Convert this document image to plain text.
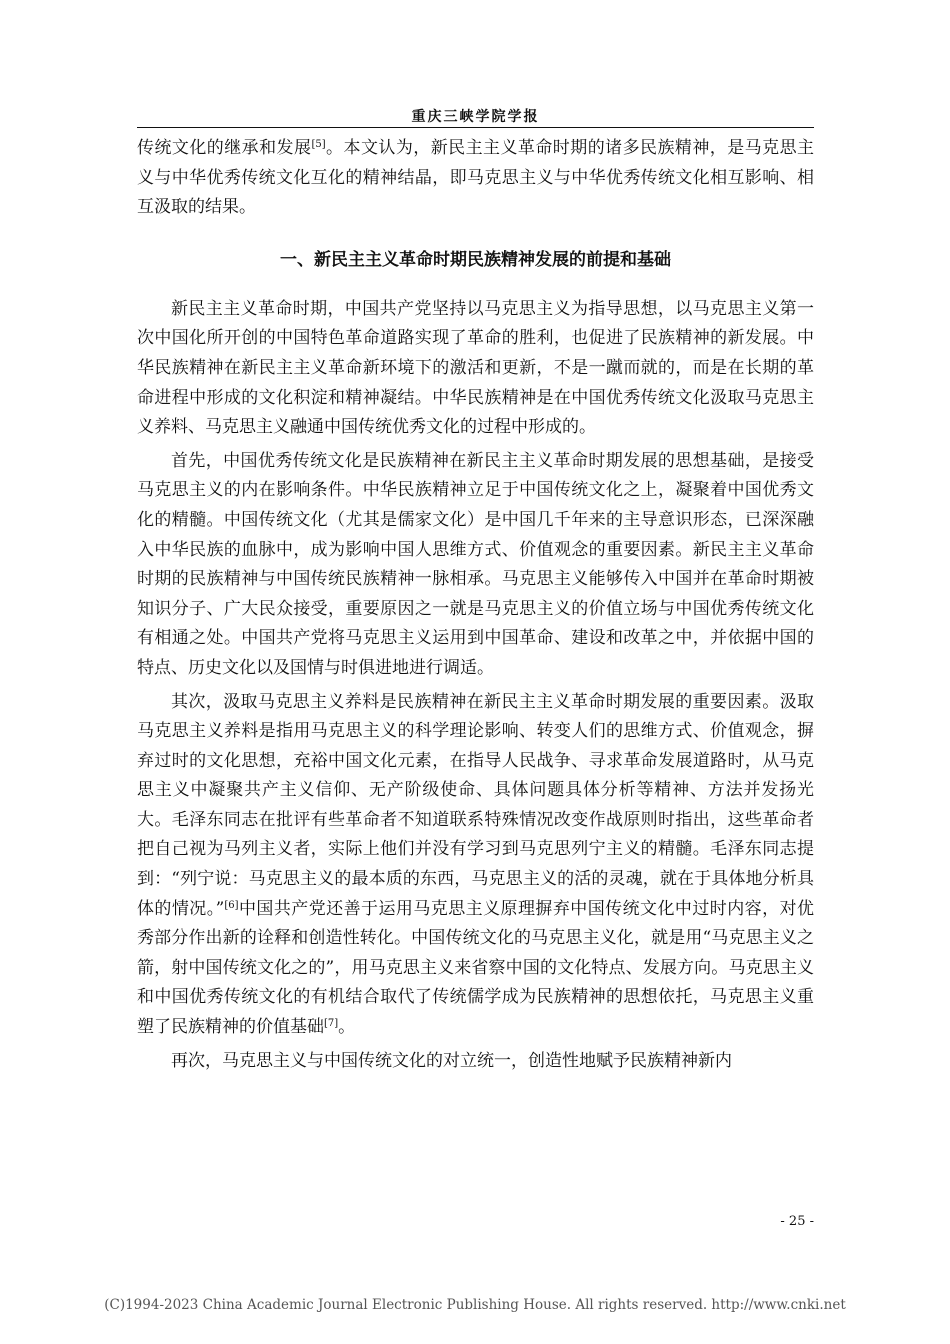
重庆三峡学院学报

传统文化的继承和发展[5]。本文认为，新民主主义革命时期的诸多民族精神，是马克思主义与中华优秀传统文化互化的精神结晶，即马克思主义与中华优秀传统文化相互影响、相互汲取的结果。

一、新民主主义革命时期民族精神发展的前提和基础

新民主主义革命时期，中国共产党坚持以马克思主义为指导思想，以马克思主义第一次中国化所开创的中国特色革命道路实现了革命的胜利，也促进了民族精神的新发展。中华民族精神在新民主主义革命新环境下的激活和更新，不是一蹴而就的，而是在长期的革命进程中形成的文化积淀和精神凝结。中华民族精神是在中国优秀传统文化汲取马克思主义养料、马克思主义融通中国传统优秀文化的过程中形成的。

首先，中国优秀传统文化是民族精神在新民主主义革命时期发展的思想基础，是接受马克思主义的内在影响条件。中华民族精神立足于中国传统文化之上，凝聚着中国优秀文化的精髓。中国传统文化（尤其是儒家文化）是中国几千年来的主导意识形态，已深深融入中华民族的血脉中，成为影响中国人思维方式、价值观念的重要因素。新民主主义革命时期的民族精神与中国传统民族精神一脉相承。马克思主义能够传入中国并在革命时期被知识分子、广大民众接受，重要原因之一就是马克思主义的价值立场与中国优秀传统文化有相通之处。中国共产党将马克思主义运用到中国革命、建设和改革之中，并依据中国的特点、历史文化以及国情与时俱进地进行调适。

其次，汲取马克思主义养料是民族精神在新民主主义革命时期发展的重要因素。汲取马克思主义养料是指用马克思主义的科学理论影响、转变人们的思维方式、价值观念，摒弃过时的文化思想，充裕中国文化元素，在指导人民战争、寻求革命发展道路时，从马克思主义中凝聚共产主义信仰、无产阶级使命、具体问题具体分析等精神、方法并发扬光大。毛泽东同志在批评有些革命者不知道联系特殊情况改变作战原则时指出，这些革命者把自己视为马列主义者，实际上他们并没有学习到马克思列宁主义的精髓。毛泽东同志提到：“列宁说：马克思主义的最本质的东西，马克思主义的活的灵魂，就在于具体地分析具体的情况。”[6]中国共产党还善于运用马克思主义原理摒弃中国传统文化中过时内容，对优秀部分作出新的诠释和创造性转化。中国传统文化的马克思主义化，就是用“马克思主义之箭，射中国传统文化之的”，用马克思主义来省察中国的文化特点、发展方向。马克思主义和中国优秀传统文化的有机结合取代了传统儒学成为民族精神的思想依托，马克思主义重塑了民族精神的价值基础[7]。

再次，马克思主义与中国传统文化的对立统一，创造性地赋予民族精神新内

- 25 -
(C)1994-2023 China Academic Journal Electronic Publishing House. All rights reserved. http://www.cnki.net
